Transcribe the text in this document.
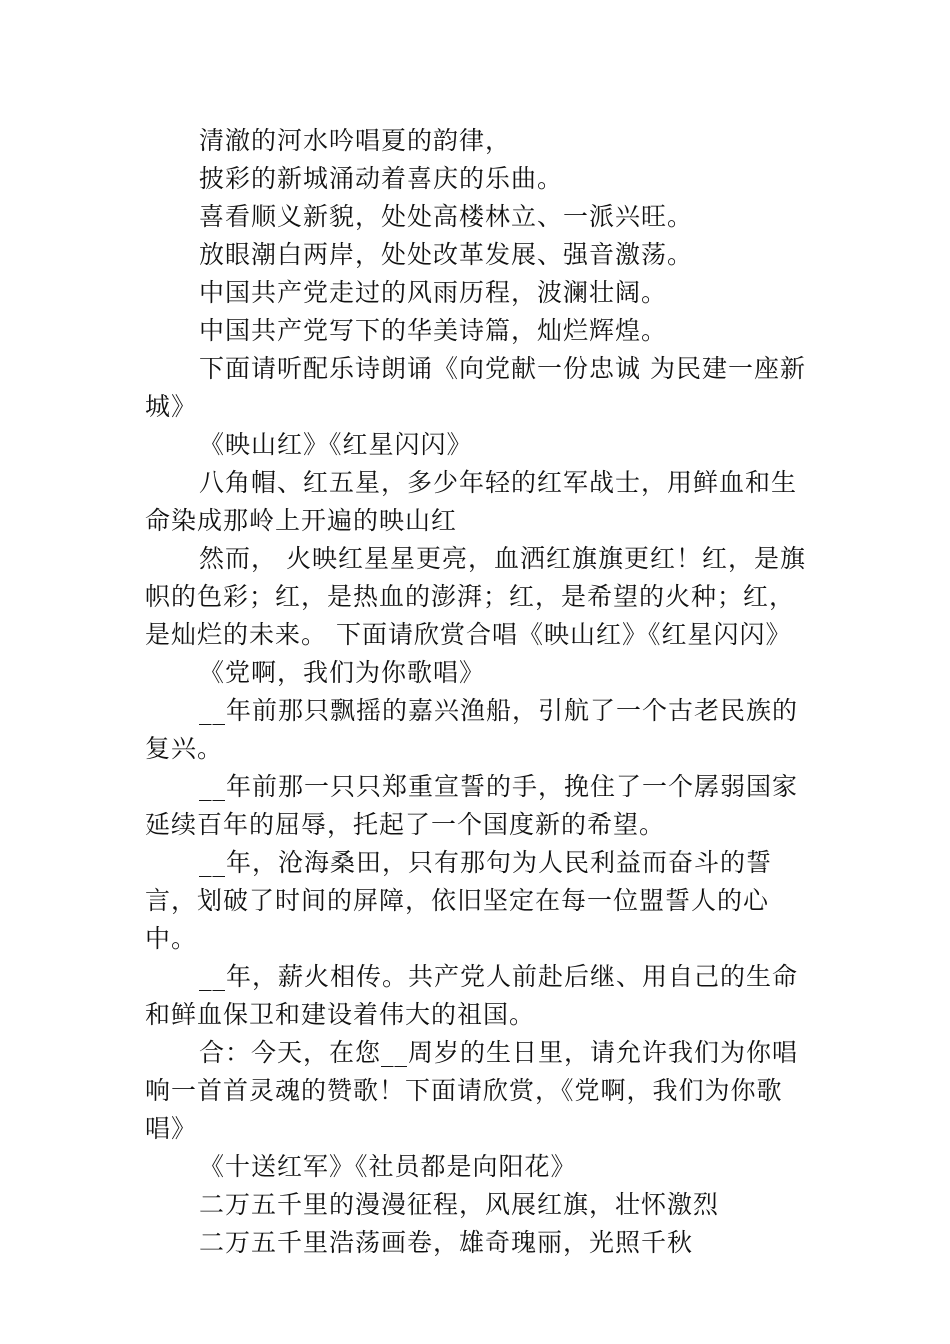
清澈的河水吟唱夏的韵律，

披彩的新城涌动着喜庆的乐曲。

喜看顺义新貌，处处高楼林立、一派兴旺。

放眼潮白两岸，处处改革发展、强音激荡。

中国共产党走过的风雨历程，波澜壮阔。

中国共产党写下的华美诗篇，灿烂辉煌。

下面请听配乐诗朗诵《向党献一份忠诚 为民建一座新城》

《映山红》《红星闪闪》

八角帽、红五星，多少年轻的红军战士，用鲜血和生命染成那岭上开遍的映山红

然而， 火映红星星更亮，血洒红旗旗更红！红，是旗帜的色彩；红，是热血的澎湃；红，是希望的火种；红，是灿烂的未来。 下面请欣赏合唱《映山红》《红星闪闪》

《党啊，我们为你歌唱》

__年前那只飘摇的嘉兴渔船，引航了一个古老民族的复兴。

__年前那一只只郑重宣誓的手，挽住了一个孱弱国家延续百年的屈辱，托起了一个国度新的希望。

__年，沧海桑田，只有那句为人民利益而奋斗的誓言，划破了时间的屏障，依旧坚定在每一位盟誓人的心中。

__年，薪火相传。共产党人前赴后继、用自己的生命和鲜血保卫和建设着伟大的祖国。

合：今天，在您__周岁的生日里，请允许我们为你唱响一首首灵魂的赞歌！下面请欣赏，《党啊，我们为你歌唱》

《十送红军》《社员都是向阳花》

二万五千里的漫漫征程，风展红旗，壮怀激烈

二万五千里浩荡画卷，雄奇瑰丽，光照千秋
